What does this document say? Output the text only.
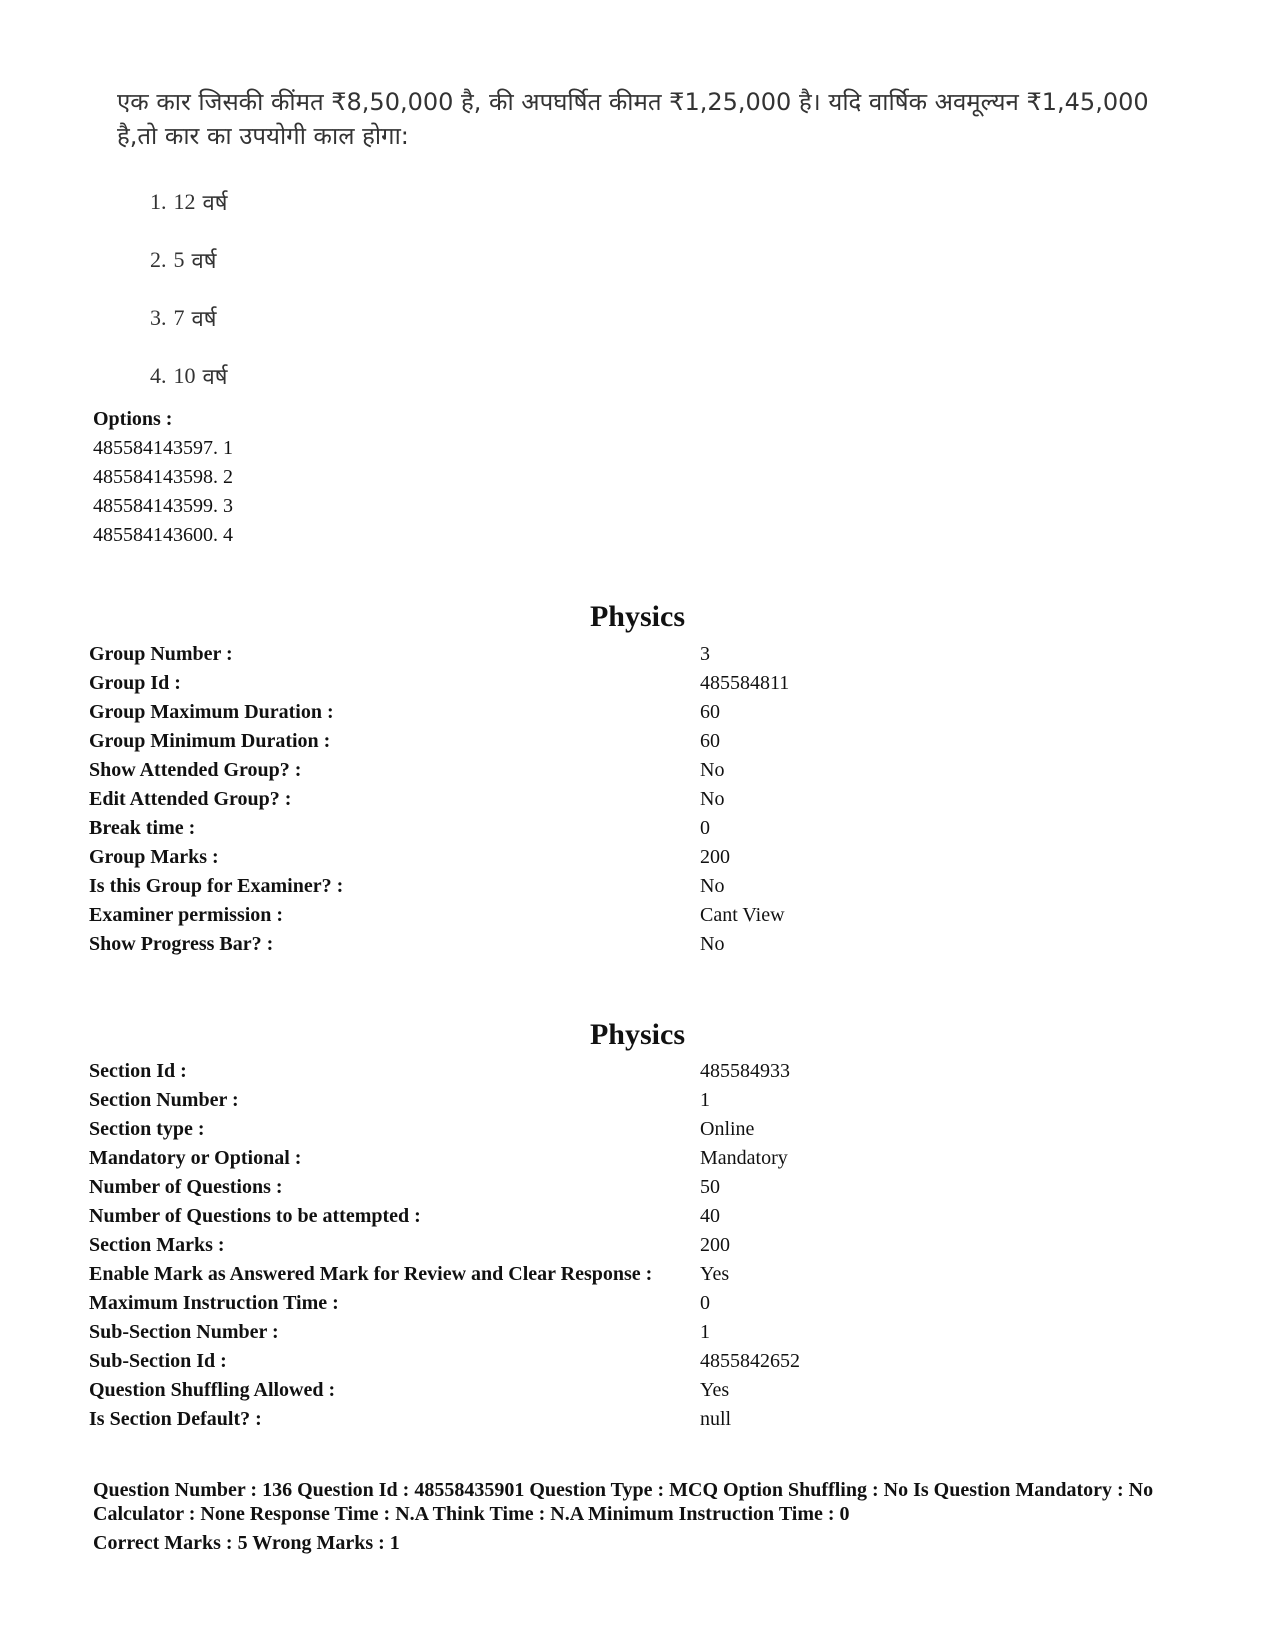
एक कार जिसकी कींमत ₹8,50,000 है, की अपघर्षित कीमत ₹1,25,000 है। यदि वार्षिक अवमूल्यन ₹1,45,000 है,तो कार का उपयोगी काल होगा:
1.
12
वर्ष
2.
5
वर्ष
3.
7
वर्ष
4.
10
वर्ष
Options :
485584143597. 1
485584143598. 2
485584143599. 3
485584143600. 4
Physics
Group Number :	3
Group Id :	485584811
Group Maximum Duration :	60
Group Minimum Duration :	60
Show Attended Group? :	No
Edit Attended Group? :	No
Break time :	0
Group Marks :	200
Is this Group for Examiner? :	No
Examiner permission :	Cant View
Show Progress Bar? :	No
Physics
Section Id :	485584933
Section Number :	1
Section type :	Online
Mandatory or Optional :	Mandatory
Number of Questions :	50
Number of Questions to be attempted :	40
Section Marks :	200
Enable Mark as Answered Mark for Review and Clear Response :	Yes
Maximum Instruction Time :	0
Sub-Section Number :	1
Sub-Section Id :	4855842652
Question Shuffling Allowed :	Yes
Is Section Default? :	null
Question Number : 136 Question Id : 48558435901 Question Type : MCQ Option Shuffling : No Is Question Mandatory : No Calculator : None Response Time : N.A Think Time : N.A Minimum Instruction Time : 0
Correct Marks : 5 Wrong Marks : 1
